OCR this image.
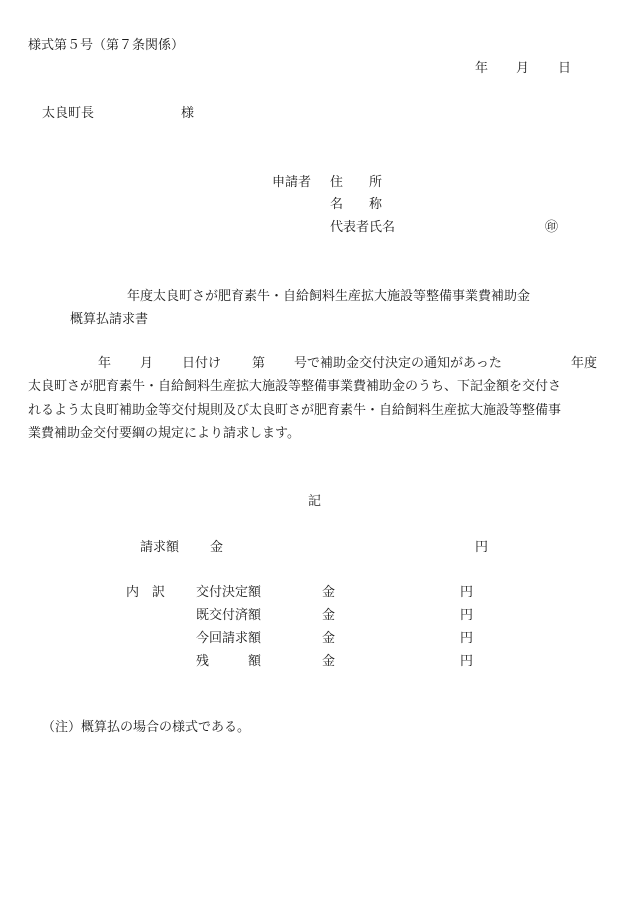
様式第５号（第７条関係）
年 月 日
太良町長	様
申請者 住　　所
名　　称
代表者氏名	㊞
年度太良町さが肥育素牛・自給飼料生産拡大施設等整備事業費補助金
概算払請求書
年 月 日付け 第 号で補助金交付決定の通知があった	年度
太良町さが肥育素牛・自給飼料生産拡大施設等整備事業費補助金のうち、下記金額を交付さ
れるよう太良町補助金等交付規則及び太良町さが肥育素牛・自給飼料生産拡大施設等整備事
業費補助金交付要綱の規定により請求します。
記
請求額 金	円
内　訳 交付決定額	金	円
既交付済額	金	円
今回請求額	金	円
残　　　額	金	円
（注）概算払の場合の様式である。
